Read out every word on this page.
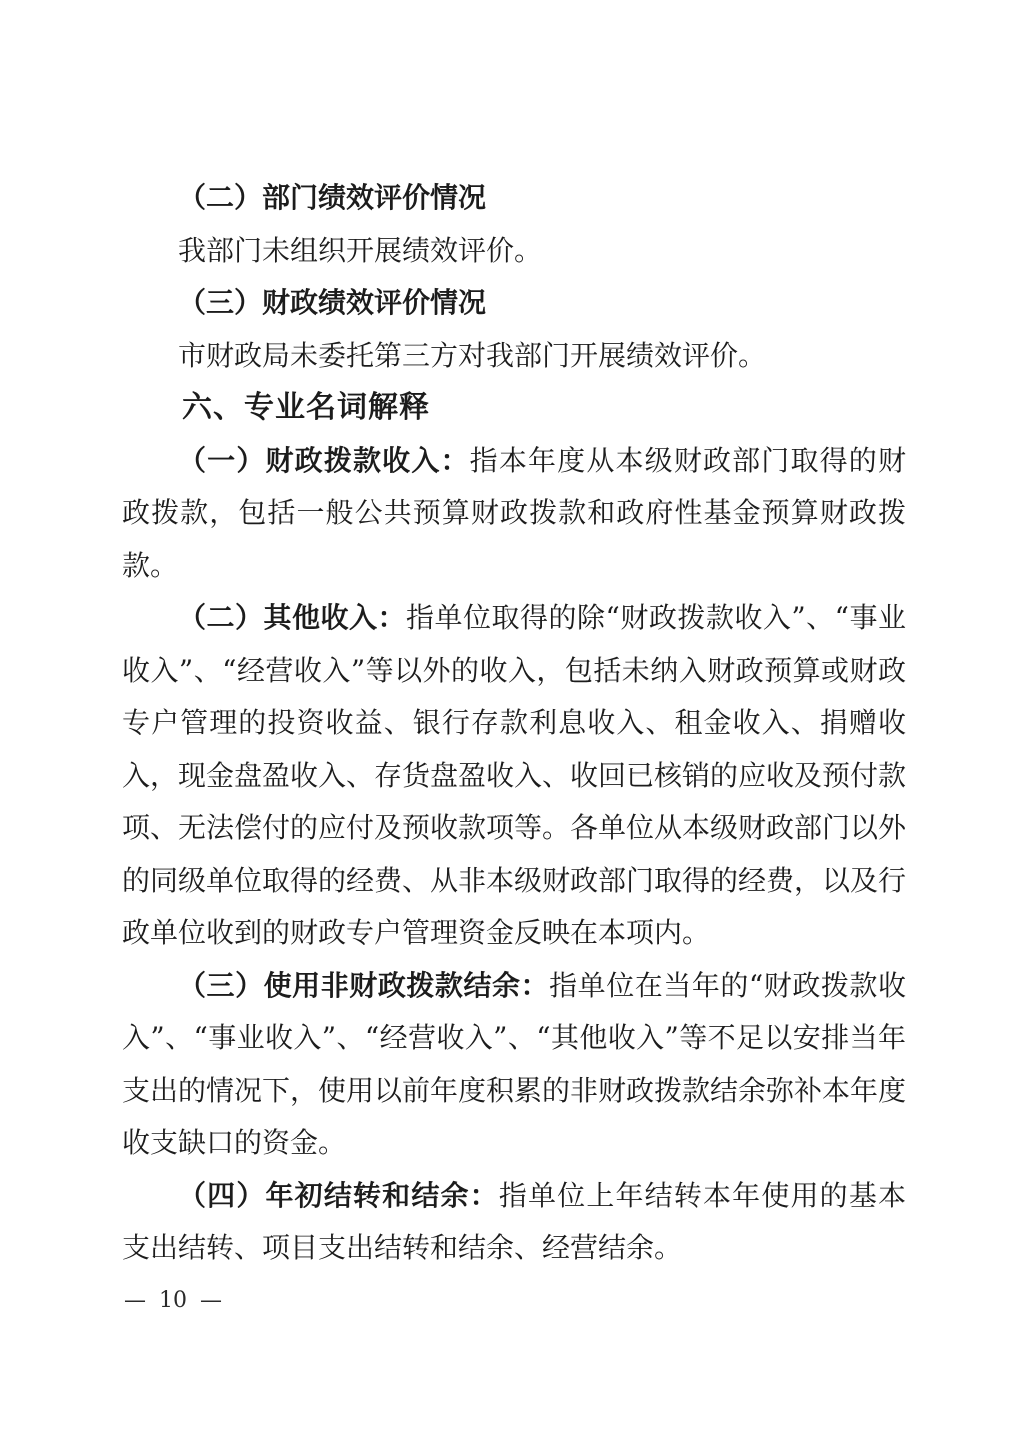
（二）部门绩效评价情况

我部门未组织开展绩效评价。

（三）财政绩效评价情况

市财政局未委托第三方对我部门开展绩效评价。

六、专业名词解释

（一）财政拨款收入：指本年度从本级财政部门取得的财政拨款，包括一般公共预算财政拨款和政府性基金预算财政拨款。

（二）其他收入：指单位取得的除“财政拨款收入”、“事业收入”、“经营收入”等以外的收入，包括未纳入财政预算或财政专户管理的投资收益、银行存款利息收入、租金收入、捐赠收入，现金盘盈收入、存货盘盈收入、收回已核销的应收及预付款项、无法偿付的应付及预收款项等。各单位从本级财政部门以外的同级单位取得的经费、从非本级财政部门取得的经费，以及行政单位收到的财政专户管理资金反映在本项内。

（三）使用非财政拨款结余：指单位在当年的“财政拨款收入”、“事业收入”、“经营收入”、“其他收入”等不足以安排当年支出的情况下，使用以前年度积累的非财政拨款结余弥补本年度收支缺口的资金。

（四）年初结转和结余：指单位上年结转本年使用的基本支出结转、项目支出结转和结余、经营结余。

— 10 —
